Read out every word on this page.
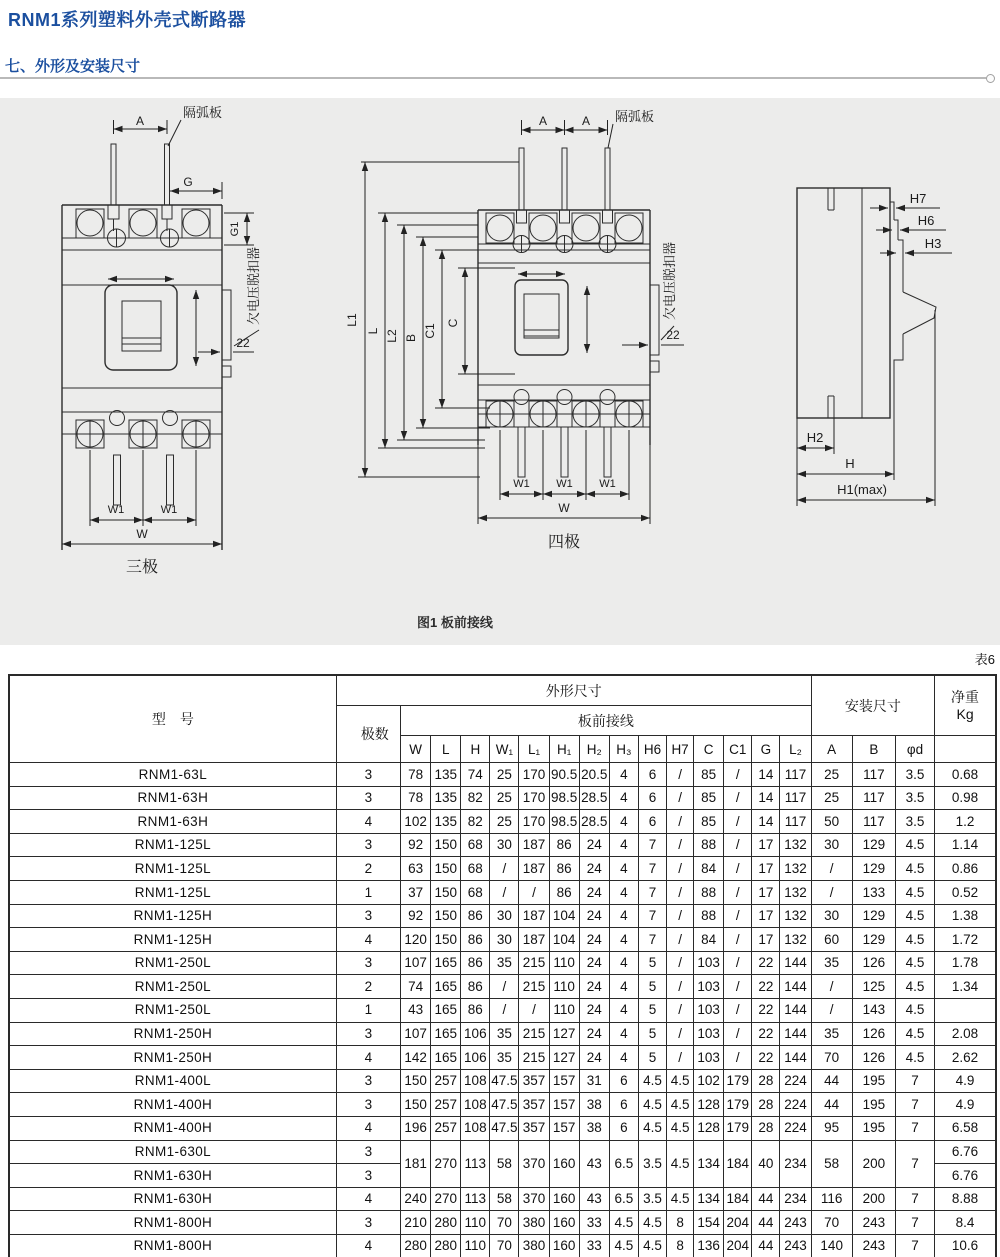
RNM1系列塑料外壳式断路器
七、外形及安装尺寸
A
隔弧板
G
G1
欠电压脱扣器
22
W1	W1
W
三极
A	A 隔弧板
L1
L L2 B C1
C
欠电压脱扣器
22
W1 W1 W1
W
四极
H7
H6
H3
H2
H
H1(max)
图1 板前接线
表6
型　号	外形尺寸															安装尺寸			净重
Kg

	极数	板前接线																	
		W	L	H	W₁	L₁	H₁	H₂	H₃	H6	H7	C	C1	G	L₂	A	B	φd	
RNM1-63L	3	78	135	74	25	170	90.5	20.5	4	6	/	85	/	14	117	25	117	3.5	0.68
RNM1-63H	3	78	135	82	25	170	98.5	28.5	4	6	/	85	/	14	117	25	117	3.5	0.98
RNM1-63H	4	102	135	82	25	170	98.5	28.5	4	6	/	85	/	14	117	50	117	3.5	1.2
RNM1-125L	3	92	150	68	30	187	86	24	4	7	/	88	/	17	132	30	129	4.5	1.14
RNM1-125L	2	63	150	68	/	187	86	24	4	7	/	84	/	17	132	/	129	4.5	0.86
RNM1-125L	1	37	150	68	/	/	86	24	4	7	/	88	/	17	132	/	133	4.5	0.52
RNM1-125H	3	92	150	86	30	187	104	24	4	7	/	88	/	17	132	30	129	4.5	1.38
RNM1-125H	4	120	150	86	30	187	104	24	4	7	/	84	/	17	132	60	129	4.5	1.72
RNM1-250L	3	107	165	86	35	215	110	24	4	5	/	103	/	22	144	35	126	4.5	1.78
RNM1-250L	2	74	165	86	/	215	110	24	4	5	/	103	/	22	144	/	125	4.5	1.34
RNM1-250L	1	43	165	86	/	/	110	24	4	5	/	103	/	22	144	/	143	4.5	
RNM1-250H	3	107	165	106	35	215	127	24	4	5	/	103	/	22	144	35	126	4.5	2.08
RNM1-250H	4	142	165	106	35	215	127	24	4	5	/	103	/	22	144	70	126	4.5	2.62
RNM1-400L	3	150	257	108	47.5	357	157	31	6	4.5	4.5	102	179	28	224	44	195	7	4.9
RNM1-400H	3	150	257	108	47.5	357	157	38	6	4.5	4.5	128	179	28	224	44	195	7	4.9
RNM1-400H	4	196	257	108	47.5	357	157	38	6	4.5	4.5	128	179	28	224	95	195	7	6.58
RNM1-630L	3	181	270	113	58	370	160	43	6.5	3.5	4.5	134	184	40	234	58	200	7	6.76
RNM1-630H	3																		6.76
RNM1-630H	4	240	270	113	58	370	160	43	6.5	3.5	4.5	134	184	44	234	116	200	7	8.88
RNM1-800H	3	210	280	110	70	380	160	33	4.5	4.5	8	154	204	44	243	70	243	7	8.4
RNM1-800H	4	280	280	110	70	380	160	33	4.5	4.5	8	136	204	44	243	140	243	7	10.6
